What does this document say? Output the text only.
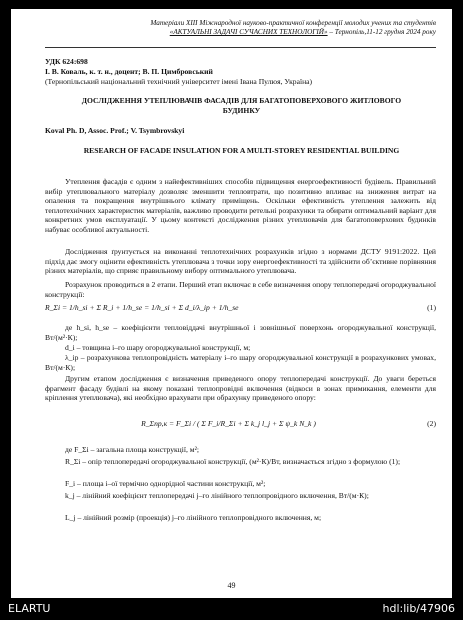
Матеріали XIII Міжнародної науково-практичної конференції молодих учених та студентів
«АКТУАЛЬНІ ЗАДАЧІ СУЧАСНИХ ТЕХНОЛОГІЙ» – Тернопіль,11-12 грудня 2024 року
УДК 624:698
І. В. Коваль, к. т. н., доцент; В. П. Цимбровський
(Тернопільський національний технічний університет імені Івана Пулюя, Україна)
ДОСЛІДЖЕННЯ УТЕПЛЮВАЧІВ ФАСАДІВ ДЛЯ БАГАТОПОВЕРХОВОГО ЖИТЛОВОГО БУДИНКУ
Koval Ph. D, Assoc. Prof.; V. Tsymbrovskyi
RESEARCH OF FACADE INSULATION FOR A MULTI-STOREY RESIDENTIAL BUILDING
Утеплення фасадів є одним з найефективніших способів підвищення енергоефективності будівель. Правильний вибір утеплювального матеріалу дозволяє зменшити тепловтрати, що позитивно впливає на зниження витрат на опалення та покращення внутрішнього клімату приміщень. Оскільки ефективність утеплення залежить від теплотехнічних характеристик матеріалів, важливо проводити ретельні розрахунки та обирати оптимальний варіант для конкретних умов експлуатації. У цьому контексті дослідження різних утеплювачів для багатоповерхових будинків набуває особливої актуальності.
Дослідження ґрунтується на виконанні теплотехнічних розрахунків згідно з нормами ДСТУ 9191:2022. Цей підхід дає змогу оцінити ефективність утеплювача з точки зору енергоефективності та здійснити об’єктивне порівняння різних матеріалів, що сприяє правильному вибору оптимального утеплювача.
Розрахунок проводиться в 2 етапи. Перший етап включає в себе визначення опору теплопередачі огороджувальної конструкції:
R_Σi = 1/h_si + Σ R_i + 1/h_se = 1/h_si + Σ d_i/λ_ip + 1/h_se	(1)
де h_si, h_se – коефіцієнти тепловіддачі внутрішньої і зовнішньої поверхонь огороджувальної конструкції, Вт/(м²·К);
d_i – товщина i–го шару огороджувальної конструкції, м;
λ_ip – розрахункова теплопровідність матеріалу i–го шару огороджувальної конструкції в розрахункових умовах, Вт/(м·К);
Другим етапом дослідження є визначення приведеного опору теплопередачі конструкції. До уваги береться фрагмент фасаду будівлі на якому показані теплопровідні включення (відкоси в зонах примикання, елементи для кріплення утеплювача), які необхідно врахувати при обрахунку приведеного опору:
R_Σпр,к = F_Σi / ( Σ F_i/R_Σi + Σ k_j l_j + Σ ψ_k N_k )	(2)
де F_Σi – загальна площа конструкції, м²;
R_Σi – опір теплопередачі огороджувальної конструкції, (м²·К)/Вт, визначається згідно з формулою (1);
F_i – площа i–ої термічно однорідної частини конструкції, м²;
k_j – лінійний коефіцієнт теплопередачі j–го лінійного теплопровідного включення, Вт/(м·К);
L_j – лінійний розмір (проекція) j–го лінійного теплопровідного включення, м;
49
ELARTU	hdl:lib/47906
